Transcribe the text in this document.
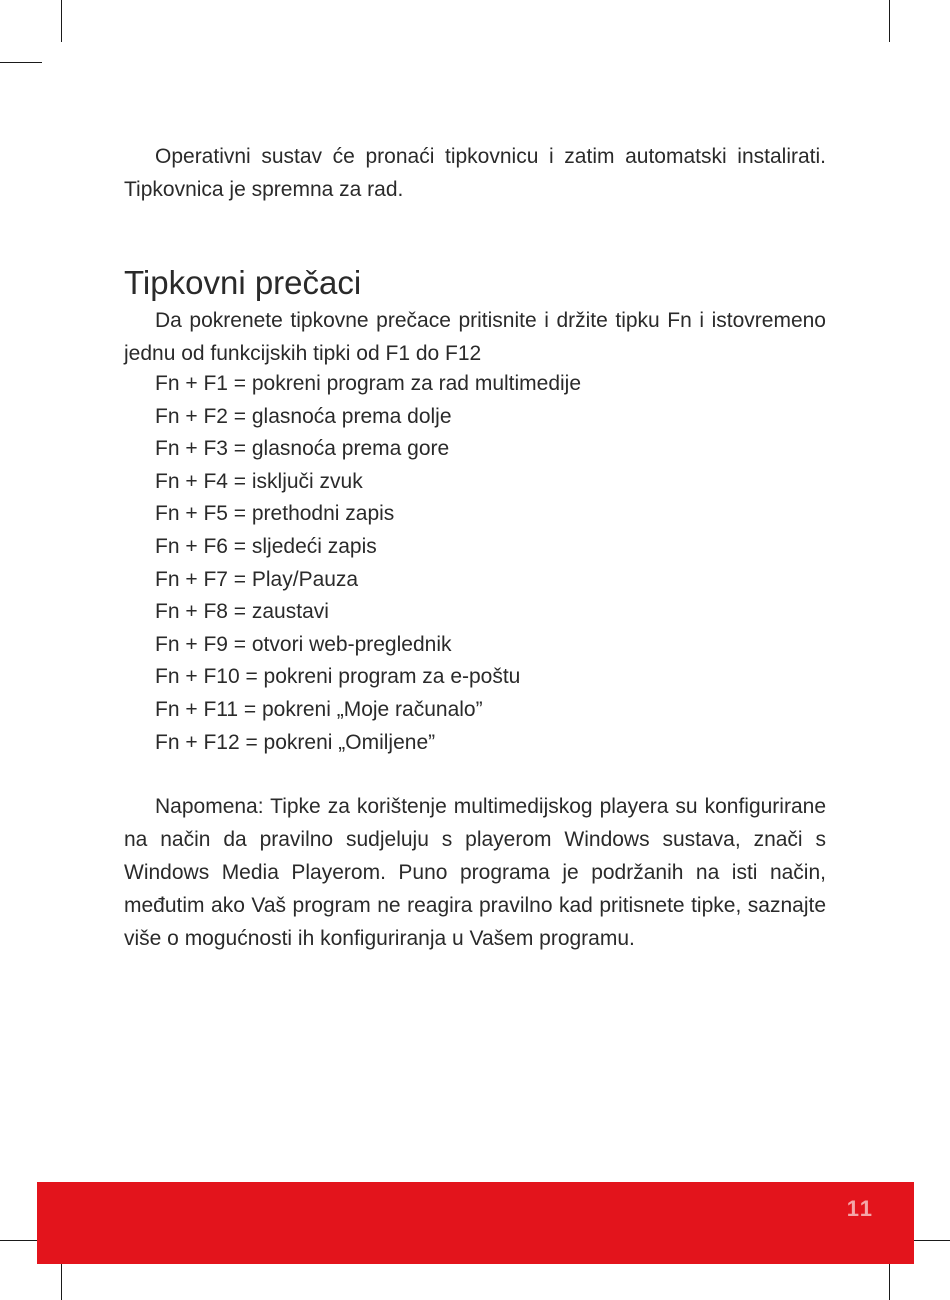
Operativni sustav će pronaći tipkovnicu i zatim automatski instalirati. Tipkovnica je spremna za rad.

Tipkovni prečaci

Da pokrenete tipkovne prečace pritisnite i držite tipku Fn i istovremeno jednu od funkcijskih tipki od F1 do F12

Fn + F1 = pokreni program za rad multimedije
Fn + F2 = glasnoća prema dolje
Fn + F3 = glasnoća prema gore
Fn + F4 = isključi zvuk
Fn + F5 = prethodni zapis
Fn + F6 = sljedeći zapis
Fn + F7 = Play/Pauza
Fn + F8 = zaustavi
Fn + F9 = otvori web-preglednik
Fn + F10 = pokreni program za e-poštu
Fn + F11 = pokreni „Moje računalo”
Fn + F12 = pokreni „Omiljene”

Napomena: Tipke za korištenje multimedijskog playera su konfigurirane na način da pravilno sudjeluju s playerom Windows sustava, znači s Windows Media Playerom. Puno programa je podržanih na isti način, međutim ako Vaš program ne reagira pravilno kad pritisnete tipke, saznajte više o mogućnosti ih konfiguriranja u Vašem programu.

11
